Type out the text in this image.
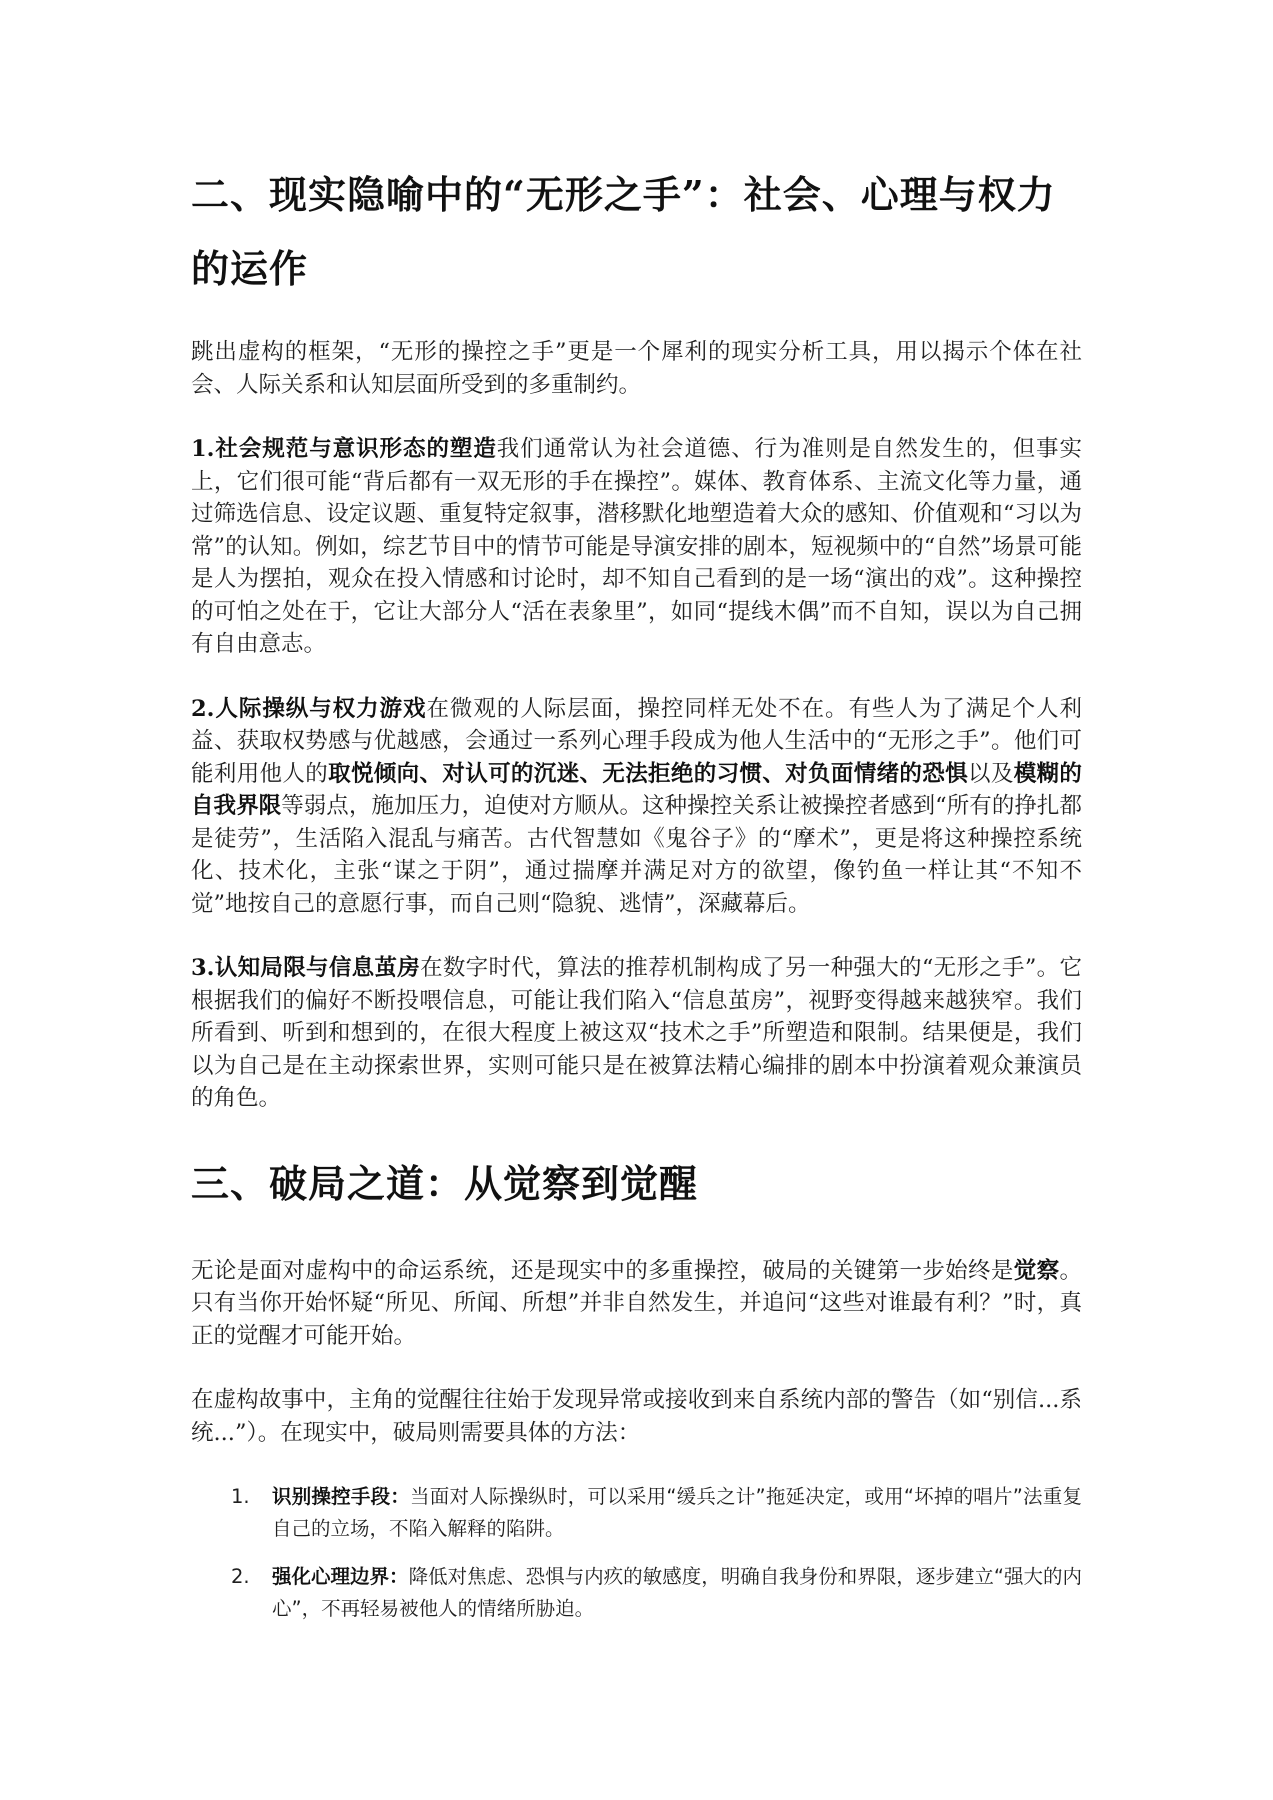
二、现实隐喻中的“无形之手”：社会、心理与权力的运作

跳出虚构的框架，“无形的操控之手”更是一个犀利的现实分析工具，用以揭示个体在社会、人际关系和认知层面所受到的多重制约。

1.社会规范与意识形态的塑造我们通常认为社会道德、行为准则是自然发生的，但事实上，它们很可能“背后都有一双无形的手在操控”。媒体、教育体系、主流文化等力量，通过筛选信息、设定议题、重复特定叙事，潜移默化地塑造着大众的感知、价值观和“习以为常”的认知。例如，综艺节目中的情节可能是导演安排的剧本，短视频中的“自然”场景可能是人为摆拍，观众在投入情感和讨论时，却不知自己看到的是一场“演出的戏”。这种操控的可怕之处在于，它让大部分人“活在表象里”，如同“提线木偶”而不自知，误以为自己拥有自由意志。

2.人际操纵与权力游戏在微观的人际层面，操控同样无处不在。有些人为了满足个人利益、获取权势感与优越感，会通过一系列心理手段成为他人生活中的“无形之手”。他们可能利用他人的取悦倾向、对认可的沉迷、无法拒绝的习惯、对负面情绪的恐惧以及模糊的自我界限等弱点，施加压力，迫使对方顺从。这种操控关系让被操控者感到“所有的挣扎都是徒劳”，生活陷入混乱与痛苦。古代智慧如《鬼谷子》的“摩术”，更是将这种操控系统化、技术化，主张“谋之于阴”，通过揣摩并满足对方的欲望，像钓鱼一样让其“不知不觉”地按自己的意愿行事，而自己则“隐貌、逃情”，深藏幕后。

3.认知局限与信息茧房在数字时代，算法的推荐机制构成了另一种强大的“无形之手”。它根据我们的偏好不断投喂信息，可能让我们陷入“信息茧房”，视野变得越来越狭窄。我们所看到、听到和想到的，在很大程度上被这双“技术之手”所塑造和限制。结果便是，我们以为自己是在主动探索世界，实则可能只是在被算法精心编排的剧本中扮演着观众兼演员的角色。

三、破局之道：从觉察到觉醒

无论是面对虚构中的命运系统，还是现实中的多重操控，破局的关键第一步始终是觉察。只有当你开始怀疑“所见、所闻、所想”并非自然发生，并追问“这些对谁最有利？”时，真正的觉醒才可能开始。

在虚构故事中，主角的觉醒往往始于发现异常或接收到来自系统内部的警告（如“别信...系统...”）。在现实中，破局则需要具体的方法：

1. 识别操控手段：当面对人际操纵时，可以采用“缓兵之计”拖延决定，或用“坏掉的唱片”法重复自己的立场，不陷入解释的陷阱。
2. 强化心理边界：降低对焦虑、恐惧与内疚的敏感度，明确自我身份和界限，逐步建立“强大的内心”，不再轻易被他人的情绪所胁迫。
